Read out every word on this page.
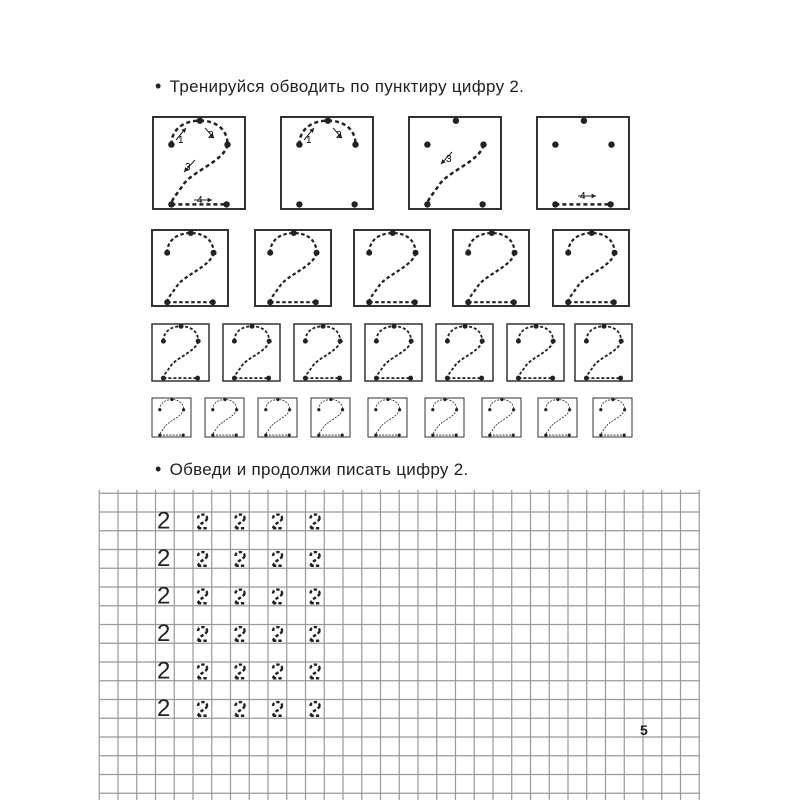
• Тренируйся обводить по пунктиру цифру 2.
• Обведи и продолжи писать цифру 2.
2
2
2
2
2
2
1 2
3
4
1 2
3
4
5
